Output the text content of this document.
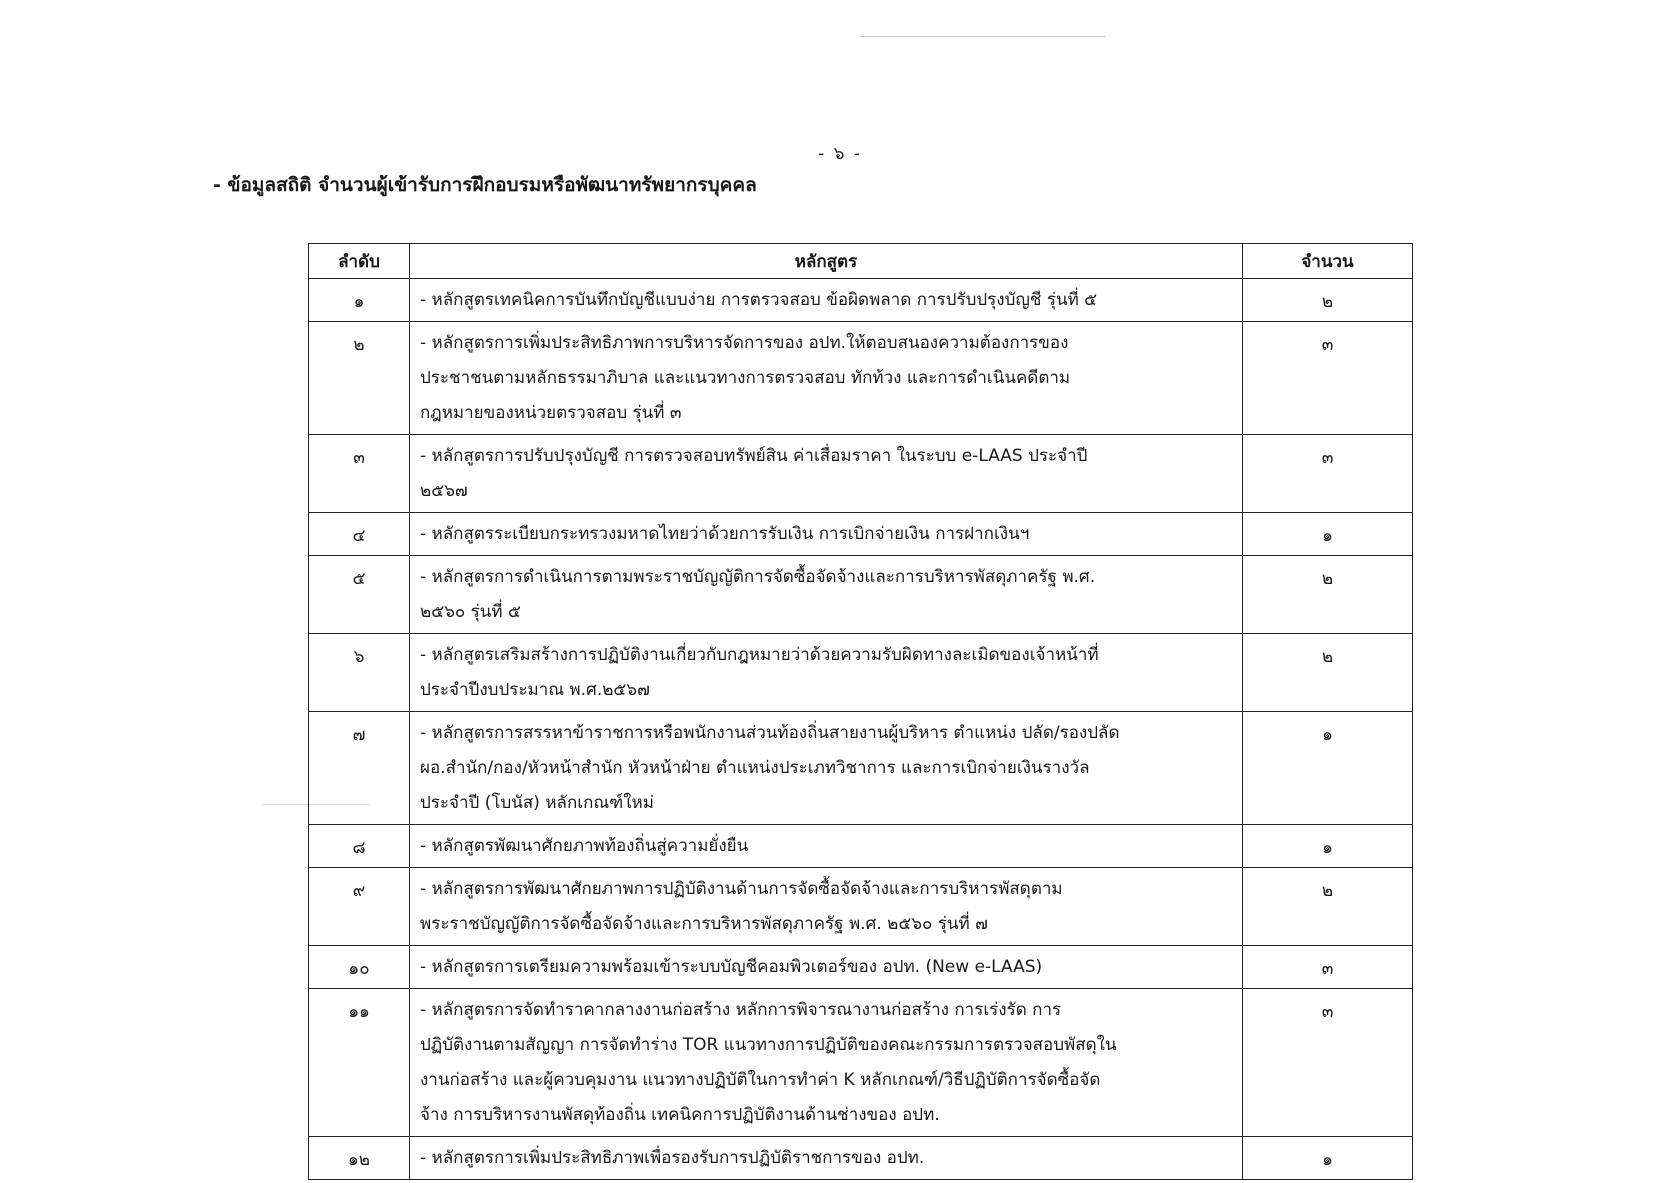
- ๖ -
- ข้อมูลสถิติ จำนวนผู้เข้ารับการฝึกอบรมหรือพัฒนาทรัพยากรบุคคล
ลำดับ	หลักสูตร	จำนวน
๑	- หลักสูตรเทคนิคการบันทึกบัญชีแบบง่าย การตรวจสอบ ข้อผิดพลาด การปรับปรุงบัญชี รุ่นที่ ๕	๒
๒	- หลักสูตรการเพิ่มประสิทธิภาพการบริหารจัดการของ อปท.ให้ตอบสนองความต้องการของ
ประชาชนตามหลักธรรมาภิบาล และแนวทางการตรวจสอบ ทักท้วง และการดำเนินคดีตาม
กฎหมายของหน่วยตรวจสอบ รุ่นที่ ๓	๓
๓	- หลักสูตรการปรับปรุงบัญชี การตรวจสอบทรัพย์สิน ค่าเสื่อมราคา ในระบบ e-LAAS ประจำปี
๒๕๖๗	๓
๔	- หลักสูตรระเบียบกระทรวงมหาดไทยว่าด้วยการรับเงิน การเบิกจ่ายเงิน การฝากเงินฯ	๑
๕	- หลักสูตรการดำเนินการตามพระราชบัญญัติการจัดซื้อจัดจ้างและการบริหารพัสดุภาครัฐ พ.ศ.
๒๕๖๐ รุ่นที่ ๕	๒
๖	- หลักสูตรเสริมสร้างการปฏิบัติงานเกี่ยวกับกฎหมายว่าด้วยความรับผิดทางละเมิดของเจ้าหน้าที่
ประจำปีงบประมาณ พ.ศ.๒๕๖๗	๒
๗	- หลักสูตรการสรรหาข้าราชการหรือพนักงานส่วนท้องถิ่นสายงานผู้บริหาร ตำแหน่ง ปลัด/รองปลัด
ผอ.สำนัก/กอง/หัวหน้าสำนัก หัวหน้าฝ่าย ตำแหน่งประเภทวิชาการ และการเบิกจ่ายเงินรางวัล
ประจำปี (โบนัส) หลักเกณฑ์ใหม่	๑
๘	- หลักสูตรพัฒนาศักยภาพท้องถิ่นสู่ความยั่งยืน	๑
๙	- หลักสูตรการพัฒนาศักยภาพการปฏิบัติงานด้านการจัดซื้อจัดจ้างและการบริหารพัสดุตาม
พระราชบัญญัติการจัดซื้อจัดจ้างและการบริหารพัสดุภาครัฐ พ.ศ. ๒๕๖๐ รุ่นที่ ๗	๒
๑๐	- หลักสูตรการเตรียมความพร้อมเข้าระบบบัญชีคอมพิวเตอร์ของ อปท. (New e-LAAS)	๓
๑๑	- หลักสูตรการจัดทำราคากลางงานก่อสร้าง หลักการพิจารณางานก่อสร้าง การเร่งรัด การ
ปฏิบัติงานตามสัญญา การจัดทำร่าง TOR แนวทางการปฏิบัติของคณะกรรมการตรวจสอบพัสดุใน
งานก่อสร้าง และผู้ควบคุมงาน แนวทางปฏิบัติในการทำค่า K หลักเกณฑ์/วิธีปฏิบัติการจัดซื้อจัด
จ้าง การบริหารงานพัสดุท้องถิ่น เทคนิคการปฏิบัติงานด้านช่างของ อปท.	๓
๑๒	- หลักสูตรการเพิ่มประสิทธิภาพเพื่อรองรับการปฏิบัติราชการของ อปท.	๑
